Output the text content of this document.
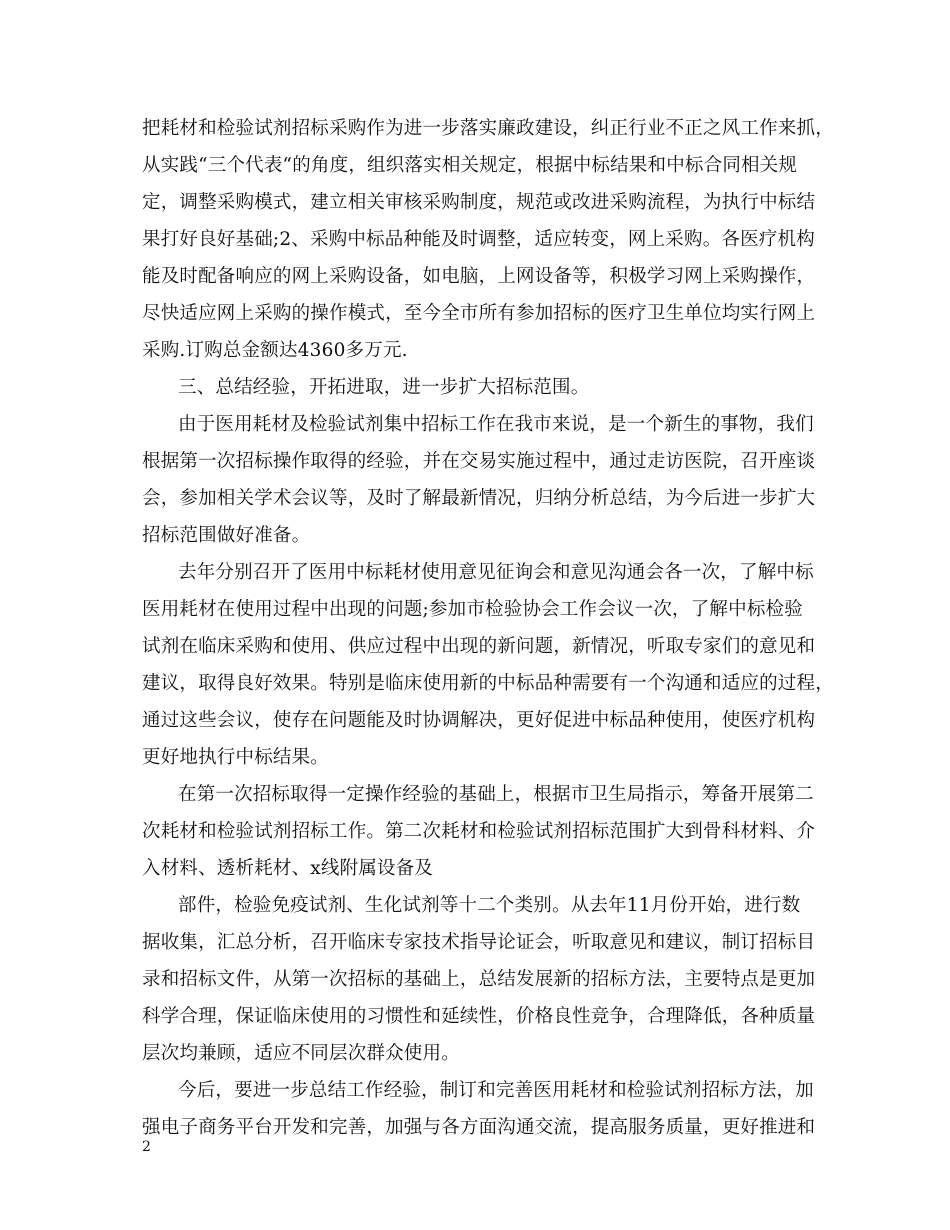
把耗材和检验试剂招标采购作为进一步落实廉政建设，纠正行业不正之风工作来抓，
从实践“三个代表“的角度，组织落实相关规定，根据中标结果和中标合同相关规
定，调整采购模式，建立相关审核采购制度，规范或改进采购流程，为执行中标结
果打好良好基础;2、采购中标品种能及时调整，适应转变，网上采购。各医疗机构
能及时配备响应的网上采购设备，如电脑，上网设备等，积极学习网上采购操作，
尽快适应网上采购的操作模式，至今全市所有参加招标的医疗卫生单位均实行网上
采购.订购总金额达4360多万元.
三、总结经验，开拓进取，进一步扩大招标范围。
由于医用耗材及检验试剂集中招标工作在我市来说，是一个新生的事物，我们
根据第一次招标操作取得的经验，并在交易实施过程中，通过走访医院，召开座谈
会，参加相关学术会议等，及时了解最新情况，归纳分析总结，为今后进一步扩大
招标范围做好准备。
去年分别召开了医用中标耗材使用意见征询会和意见沟通会各一次，了解中标
医用耗材在使用过程中出现的问题;参加市检验协会工作会议一次，了解中标检验
试剂在临床采购和使用、供应过程中出现的新问题，新情况，听取专家们的意见和
建议，取得良好效果。特别是临床使用新的中标品种需要有一个沟通和适应的过程，
通过这些会议，使存在问题能及时协调解决，更好促进中标品种使用，使医疗机构
更好地执行中标结果。
在第一次招标取得一定操作经验的基础上，根据市卫生局指示，筹备开展第二
次耗材和检验试剂招标工作。第二次耗材和检验试剂招标范围扩大到骨科材料、介
入材料、透析耗材、x线附属设备及
部件，检验免疫试剂、生化试剂等十二个类别。从去年11月份开始，进行数
据收集，汇总分析，召开临床专家技术指导论证会，听取意见和建议，制订招标目
录和招标文件，从第一次招标的基础上，总结发展新的招标方法，主要特点是更加
科学合理，保证临床使用的习惯性和延续性，价格良性竞争，合理降低，各种质量
层次均兼顾，适应不同层次群众使用。
今后，要进一步总结工作经验，制订和完善医用耗材和检验试剂招标方法，加
强电子商务平台开发和完善，加强与各方面沟通交流，提高服务质量，更好推进和
2
